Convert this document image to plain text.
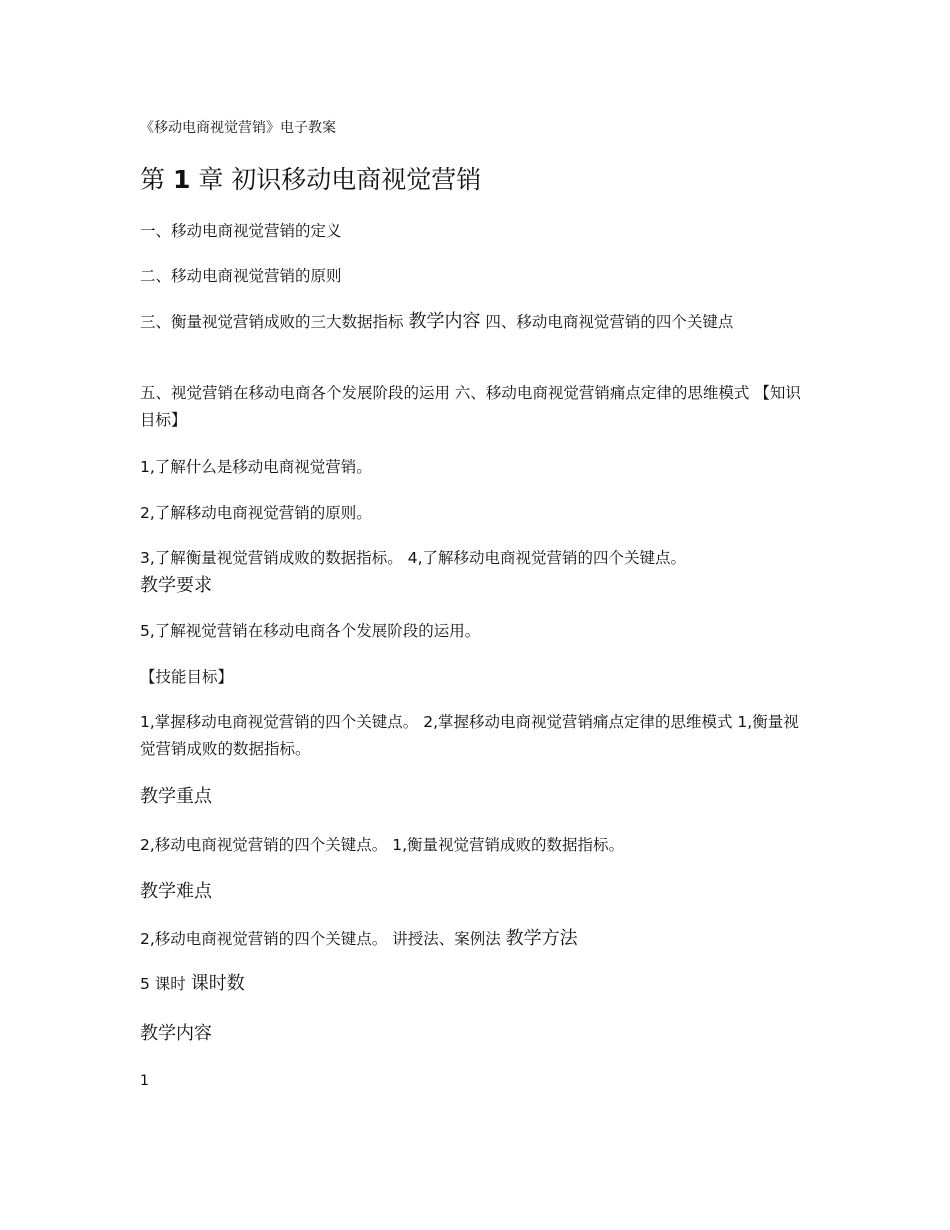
《移动电商视觉营销》电子教案
第 1 章 初识移动电商视觉营销
一、移动电商视觉营销的定义
二、移动电商视觉营销的原则
三、衡量视觉营销成败的三大数据指标 教学内容 四、移动电商视觉营销的四个关键点
五、视觉营销在移动电商各个发展阶段的运用 六、移动电商视觉营销痛点定律的思维模式 【知识目标】
1,了解什么是移动电商视觉营销。
2,了解移动电商视觉营销的原则。
3,了解衡量视觉营销成败的数据指标。 4,了解移动电商视觉营销的四个关键点。
教学要求
5,了解视觉营销在移动电商各个发展阶段的运用。
【技能目标】
1,掌握移动电商视觉营销的四个关键点。 2,掌握移动电商视觉营销痛点定律的思维模式 1,衡量视觉营销成败的数据指标。
教学重点
2,移动电商视觉营销的四个关键点。 1,衡量视觉营销成败的数据指标。
教学难点
2,移动电商视觉营销的四个关键点。 讲授法、案例法 教学方法
5 课时 课时数
教学内容
1
